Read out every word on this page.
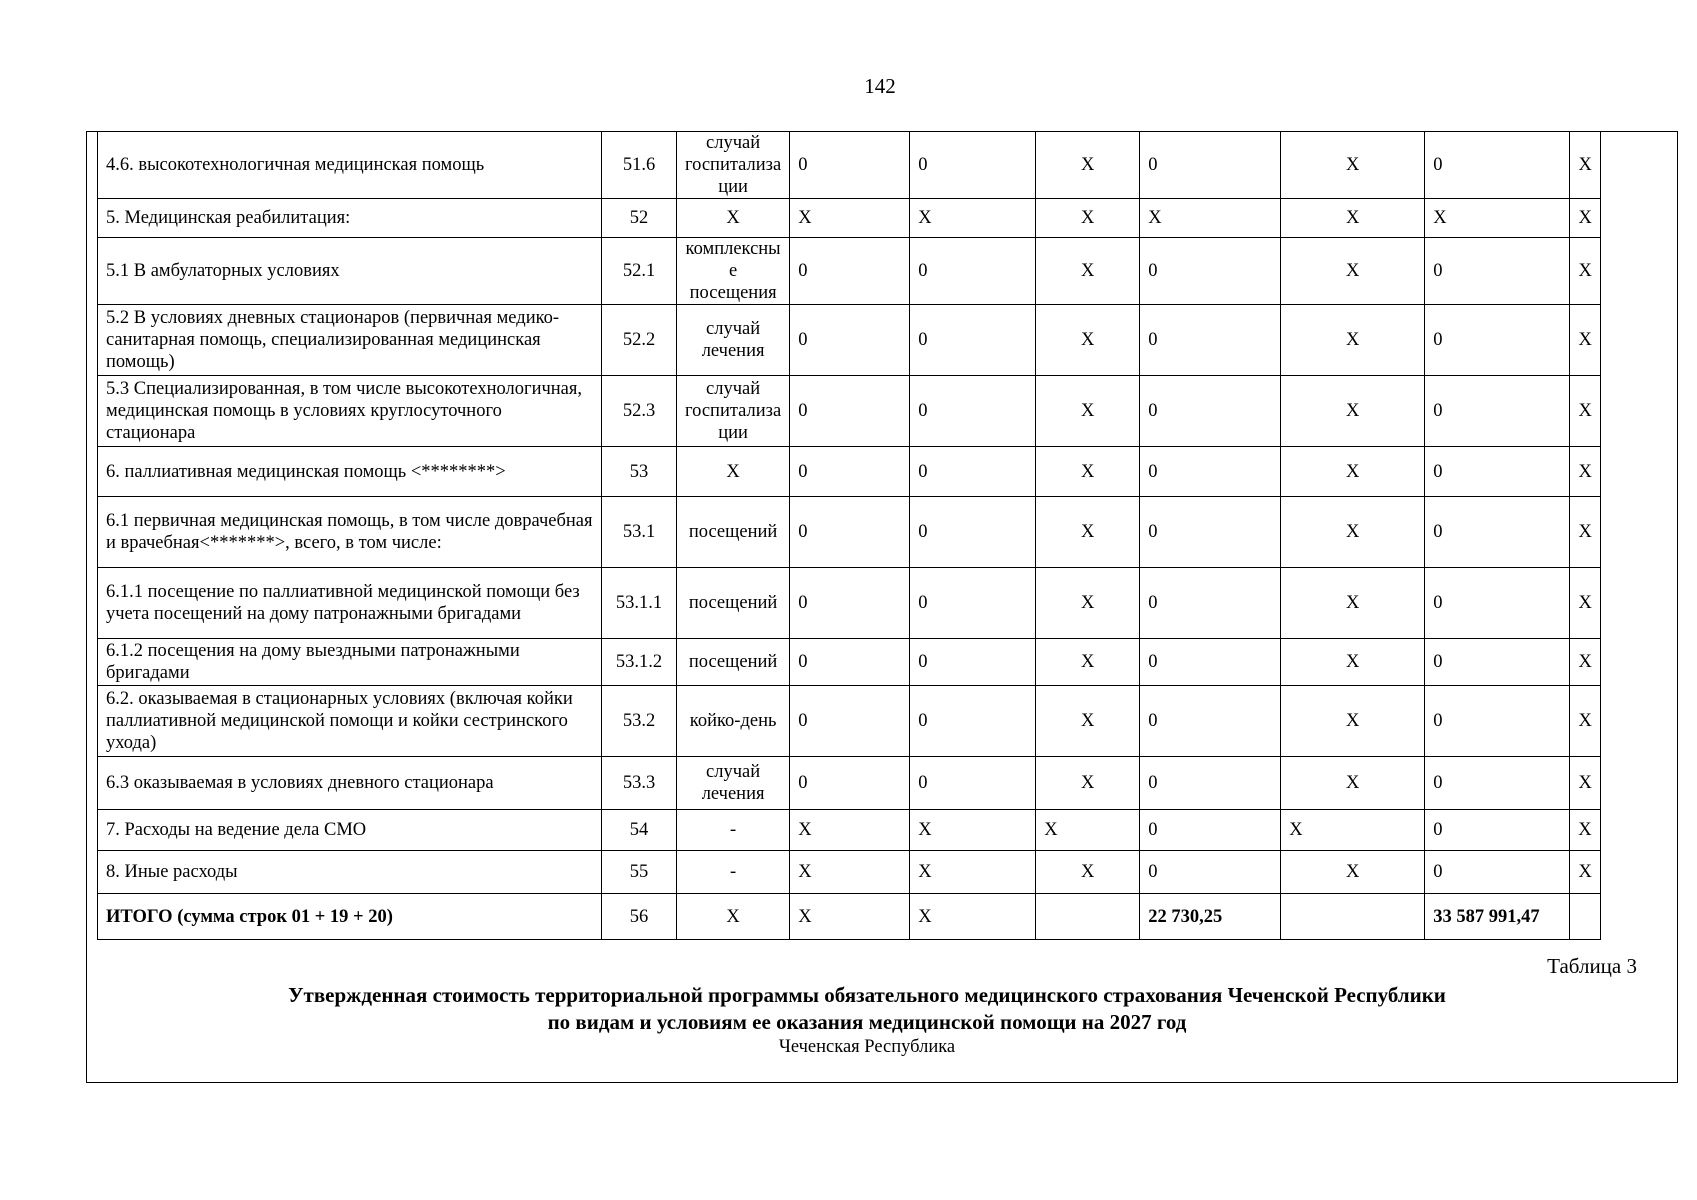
142
4.6. высокотехнологичная медицинская помощь	51.6	случай госпитализа ции	0	0	X	0	X	0	X
5. Медицинская реабилитация:	52	X	X	X	X	X	X	X	X
5.1 В амбулаторных условиях	52.1	комплексны е посещения	0	0	X	0	X	0	X
5.2 В условиях дневных стационаров (первичная медико-санитарная помощь, специализированная медицинская помощь)	52.2	случай лечения	0	0	X	0	X	0	X
5.3 Специализированная, в том числе высокотехнологичная, медицинская помощь в условиях круглосуточного стационара	52.3	случай госпитализа ции	0	0	X	0	X	0	X
6. паллиативная медицинская помощь <********>	53	X	0	0	X	0	X	0	X
6.1 первичная медицинская помощь, в том числе доврачебная и врачебная<*******>, всего, в том числе:	53.1	посещений	0	0	X	0	X	0	X
6.1.1 посещение по паллиативной медицинской помощи без учета посещений на дому патронажными бригадами	53.1.1	посещений	0	0	X	0	X	0	X
6.1.2 посещения на дому выездными патронажными бригадами	53.1.2	посещений	0	0	X	0	X	0	X
6.2. оказываемая в стационарных условиях (включая койки паллиативной медицинской помощи и койки сестринского ухода)	53.2	койко-день	0	0	X	0	X	0	X
6.3 оказываемая в условиях дневного стационара	53.3	случай лечения	0	0	X	0	X	0	X
7. Расходы на ведение дела СМО	54	-	X	X	X	0	X	0	X
8. Иные расходы	55	-	X	X	X	0	X	0	X
ИТОГО (сумма строк 01 + 19 + 20)	56	X	X	X		22 730,25		33 587 991,47	
Таблица 3
Утвержденная стоимость территориальной программы обязательного медицинского страхования Чеченской Республики
по видам и условиям ее оказания медицинской помощи на 2027 год
Чеченская Республика
